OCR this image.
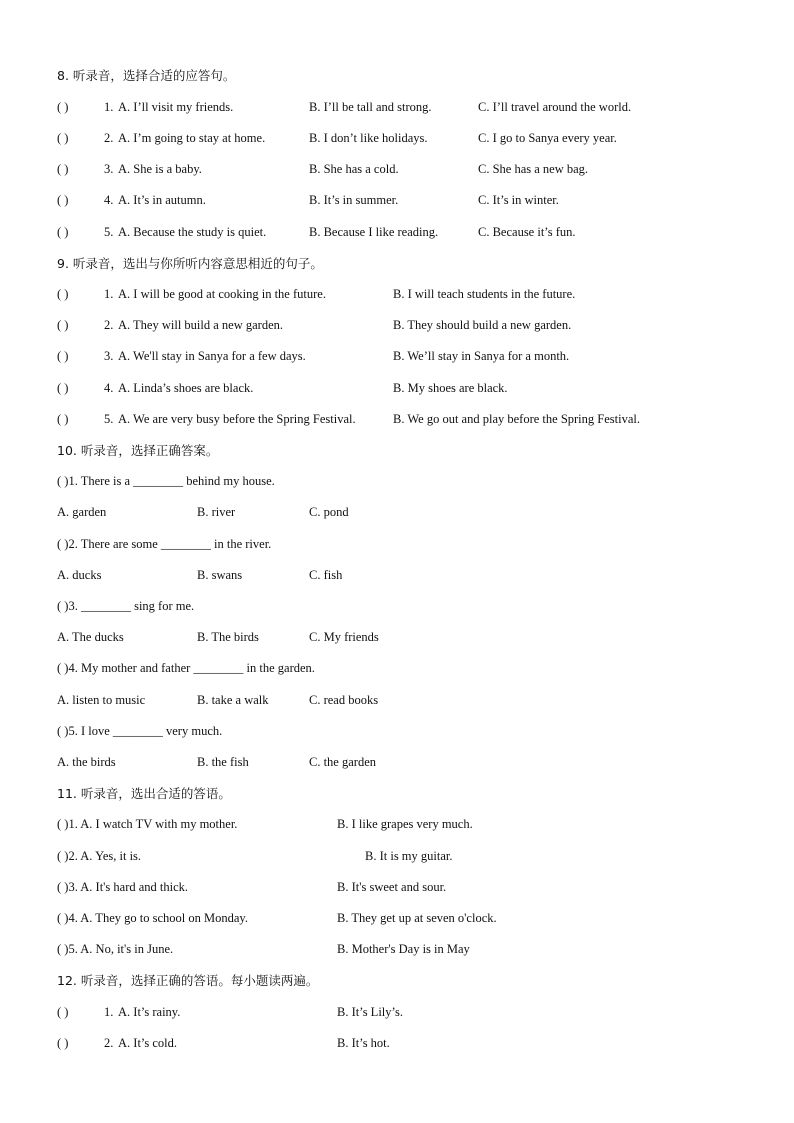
8. 听录音，选择合适的应答句。
( )	1. A. I’ll visit my friends.	B. I’ll be tall and strong.	C. I’ll travel around the world.
( )	2. A. I’m going to stay at home.	B. I don’t like holidays.	C. I go to Sanya every year.
( )	3. A. She is a baby.	B. She has a cold.	C. She has a new bag.
( )	4. A. It’s in autumn.	B. It’s in summer.	C. It’s in winter.
( )	5. A. Because the study is quiet.	B. Because I like reading.	C. Because it’s fun.
9. 听录音，选出与你所听内容意思相近的句子。
( )	1. A. I will be good at cooking in the future.	B. I will teach students in the future.
( )	2. A. They will build a new garden.	B. They should build a new garden.
( )	3. A. We'll stay in Sanya for a few days.	B. We’ll stay in Sanya for a month.
( )	4. A. Linda’s shoes are black.	B. My shoes are black.
( )	5. A. We are very busy before the Spring Festival.	B. We go out and play before the Spring Festival.
10. 听录音，选择正确答案。
( )1. There is a ________ behind my house.
A. garden	B. river	C. pond
( )2. There are some ________ in the river.
A. ducks	B. swans	C. fish
( )3. ________ sing for me.
A. The ducks	B. The birds	C. My friends
( )4. My mother and father ________ in the garden.
A. listen to music	B. take a walk	C. read books
( )5. I love ________ very much.
A. the birds	B. the fish	C. the garden
11. 听录音，选出合适的答语。
( )1. A. I watch TV with my mother.	B. I like grapes very much.
( )2. A. Yes, it is.	B. It is my guitar.
( )3. A. It's hard and thick.	B. It's sweet and sour.
( )4. A. They go to school on Monday.	B. They get up at seven o'clock.
( )5. A. No, it's in June.	B. Mother's Day is in May
12. 听录音，选择正确的答语。每小题读两遍。
( )	1. A. It’s rainy.	B. It’s Lily’s.
( )	2. A. It’s cold.	B. It’s hot.
